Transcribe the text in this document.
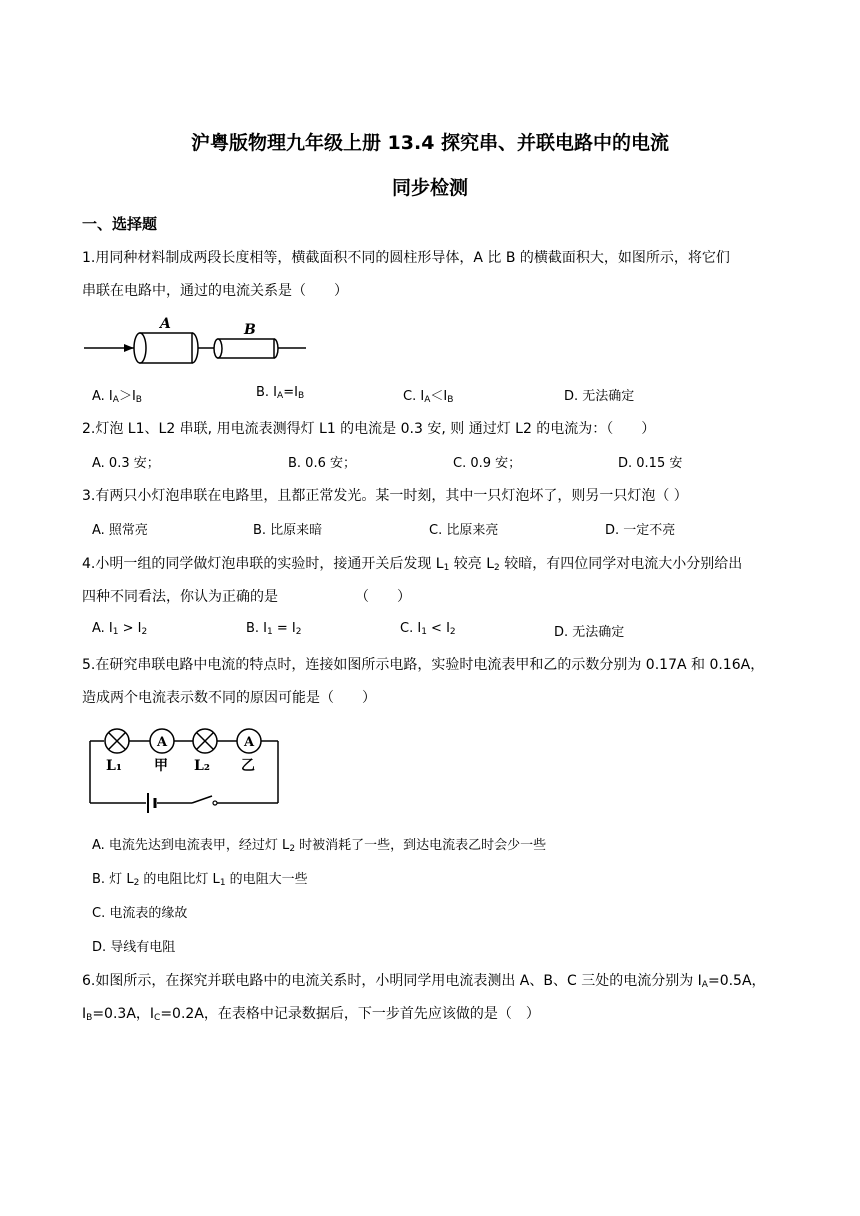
沪粤版物理九年级上册 13.4 探究串、并联电路中的电流
同步检测
一、选择题
1.用同种材料制成两段长度相等，横截面积不同的圆柱形导体，A 比 B 的横截面积大，如图所示，将它们
串联在电路中，通过的电流关系是（　　）
A	B
A. $I_A>I_B$	B. $I_A=I_B$	C. $I_A<I_B$	D. 无法确定
2.灯泡 L1、L2 串联, 用电流表测得灯 L1 的电流是 0.3 安, 则 通过灯 L2 的电流为：（　　）
A. 0.3 安；	B. 0.6 安；	C. 0.9 安；	D. 0.15 安
3.有两只小灯泡串联在电路里，且都正常发光。某一时刻，其中一只灯泡坏了，则另一只灯泡（ ）
A. 照常亮	B. 比原来暗	C. 比原来亮	D. 一定不亮
4.小明一组的同学做灯泡串联的实验时，接通开关后发现 $L_1$ 较亮 $L_2$ 较暗，有四位同学对电流大小分别给出
四种不同看法，你认为正确的是　　　　　　（　　）
A. $I_1 > I_2$	B. $I_1 = I_2$	C. $I_1 < I_2$	D. 无法确定
5.在研究串联电路中电流的特点时，连接如图所示电路，实验时电流表甲和乙的示数分别为 0.17A 和 0.16A，
造成两个电流表示数不同的原因可能是（　　）
A	A
L₁ 甲 L₂ 乙
A. 电流先达到电流表甲，经过灯 $L_2$ 时被消耗了一些，到达电流表乙时会少一些
B. 灯 $L_2$ 的电阻比灯 $L_1$ 的电阻大一些
C. 电流表的缘故
D. 导线有电阻
6.如图所示，在探究并联电路中的电流关系时，小明同学用电流表测出 A、B、C 三处的电流分别为 $I_A=0.5A$，
$I_B=0.3A$，$I_C=0.2A$，在表格中记录数据后，下一步首先应该做的是（　）
